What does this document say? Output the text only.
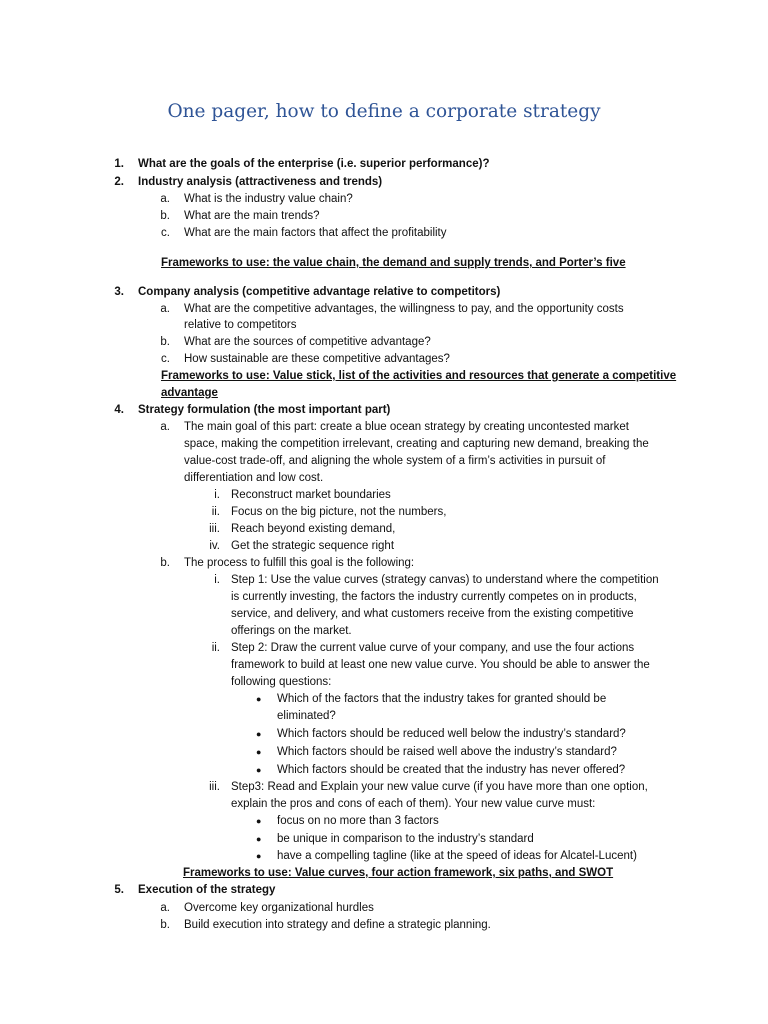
One pager, how to define a corporate strategy
1. What are the goals of the enterprise (i.e. superior performance)?
2. Industry analysis (attractiveness and trends)
a. What is the industry value chain?
b. What are the main trends?
c. What are the main factors that affect the profitability
Frameworks to use: the value chain, the demand and supply trends, and Porter’s five
3. Company analysis (competitive advantage relative to competitors)
a. What are the competitive advantages, the willingness to pay, and the opportunity costs
relative to competitors
b. What are the sources of competitive advantage?
c. How sustainable are these competitive advantages?
Frameworks to use: Value stick, list of the activities and resources that generate a competitive
advantage
4. Strategy formulation (the most important part)
a. The main goal of this part: create a blue ocean strategy by creating uncontested market
space, making the competition irrelevant, creating and capturing new demand, breaking the
value-cost trade-off, and aligning the whole system of a firm’s activities in pursuit of
differentiation and low cost.
i. Reconstruct market boundaries
ii. Focus on the big picture, not the numbers,
iii. Reach beyond existing demand,
iv. Get the strategic sequence right
b. The process to fulfill this goal is the following:
i. Step 1: Use the value curves (strategy canvas) to understand where the competition
is currently investing, the factors the industry currently competes on in products,
service, and delivery, and what customers receive from the existing competitive
offerings on the market.
ii. Step 2: Draw the current value curve of your company, and use the four actions
framework to build at least one new value curve. You should be able to answer the
following questions:
● Which of the factors that the industry takes for granted should be
eliminated?
● Which factors should be reduced well below the industry’s standard?
● Which factors should be raised well above the industry’s standard?
● Which factors should be created that the industry has never offered?
iii. Step3: Read and Explain your new value curve (if you have more than one option,
explain the pros and cons of each of them). Your new value curve must:
● focus on no more than 3 factors
● be unique in comparison to the industry’s standard
● have a compelling tagline (like at the speed of ideas for Alcatel-Lucent)
Frameworks to use: Value curves, four action framework, six paths, and SWOT
5. Execution of the strategy
a. Overcome key organizational hurdles
b. Build execution into strategy and define a strategic planning.
